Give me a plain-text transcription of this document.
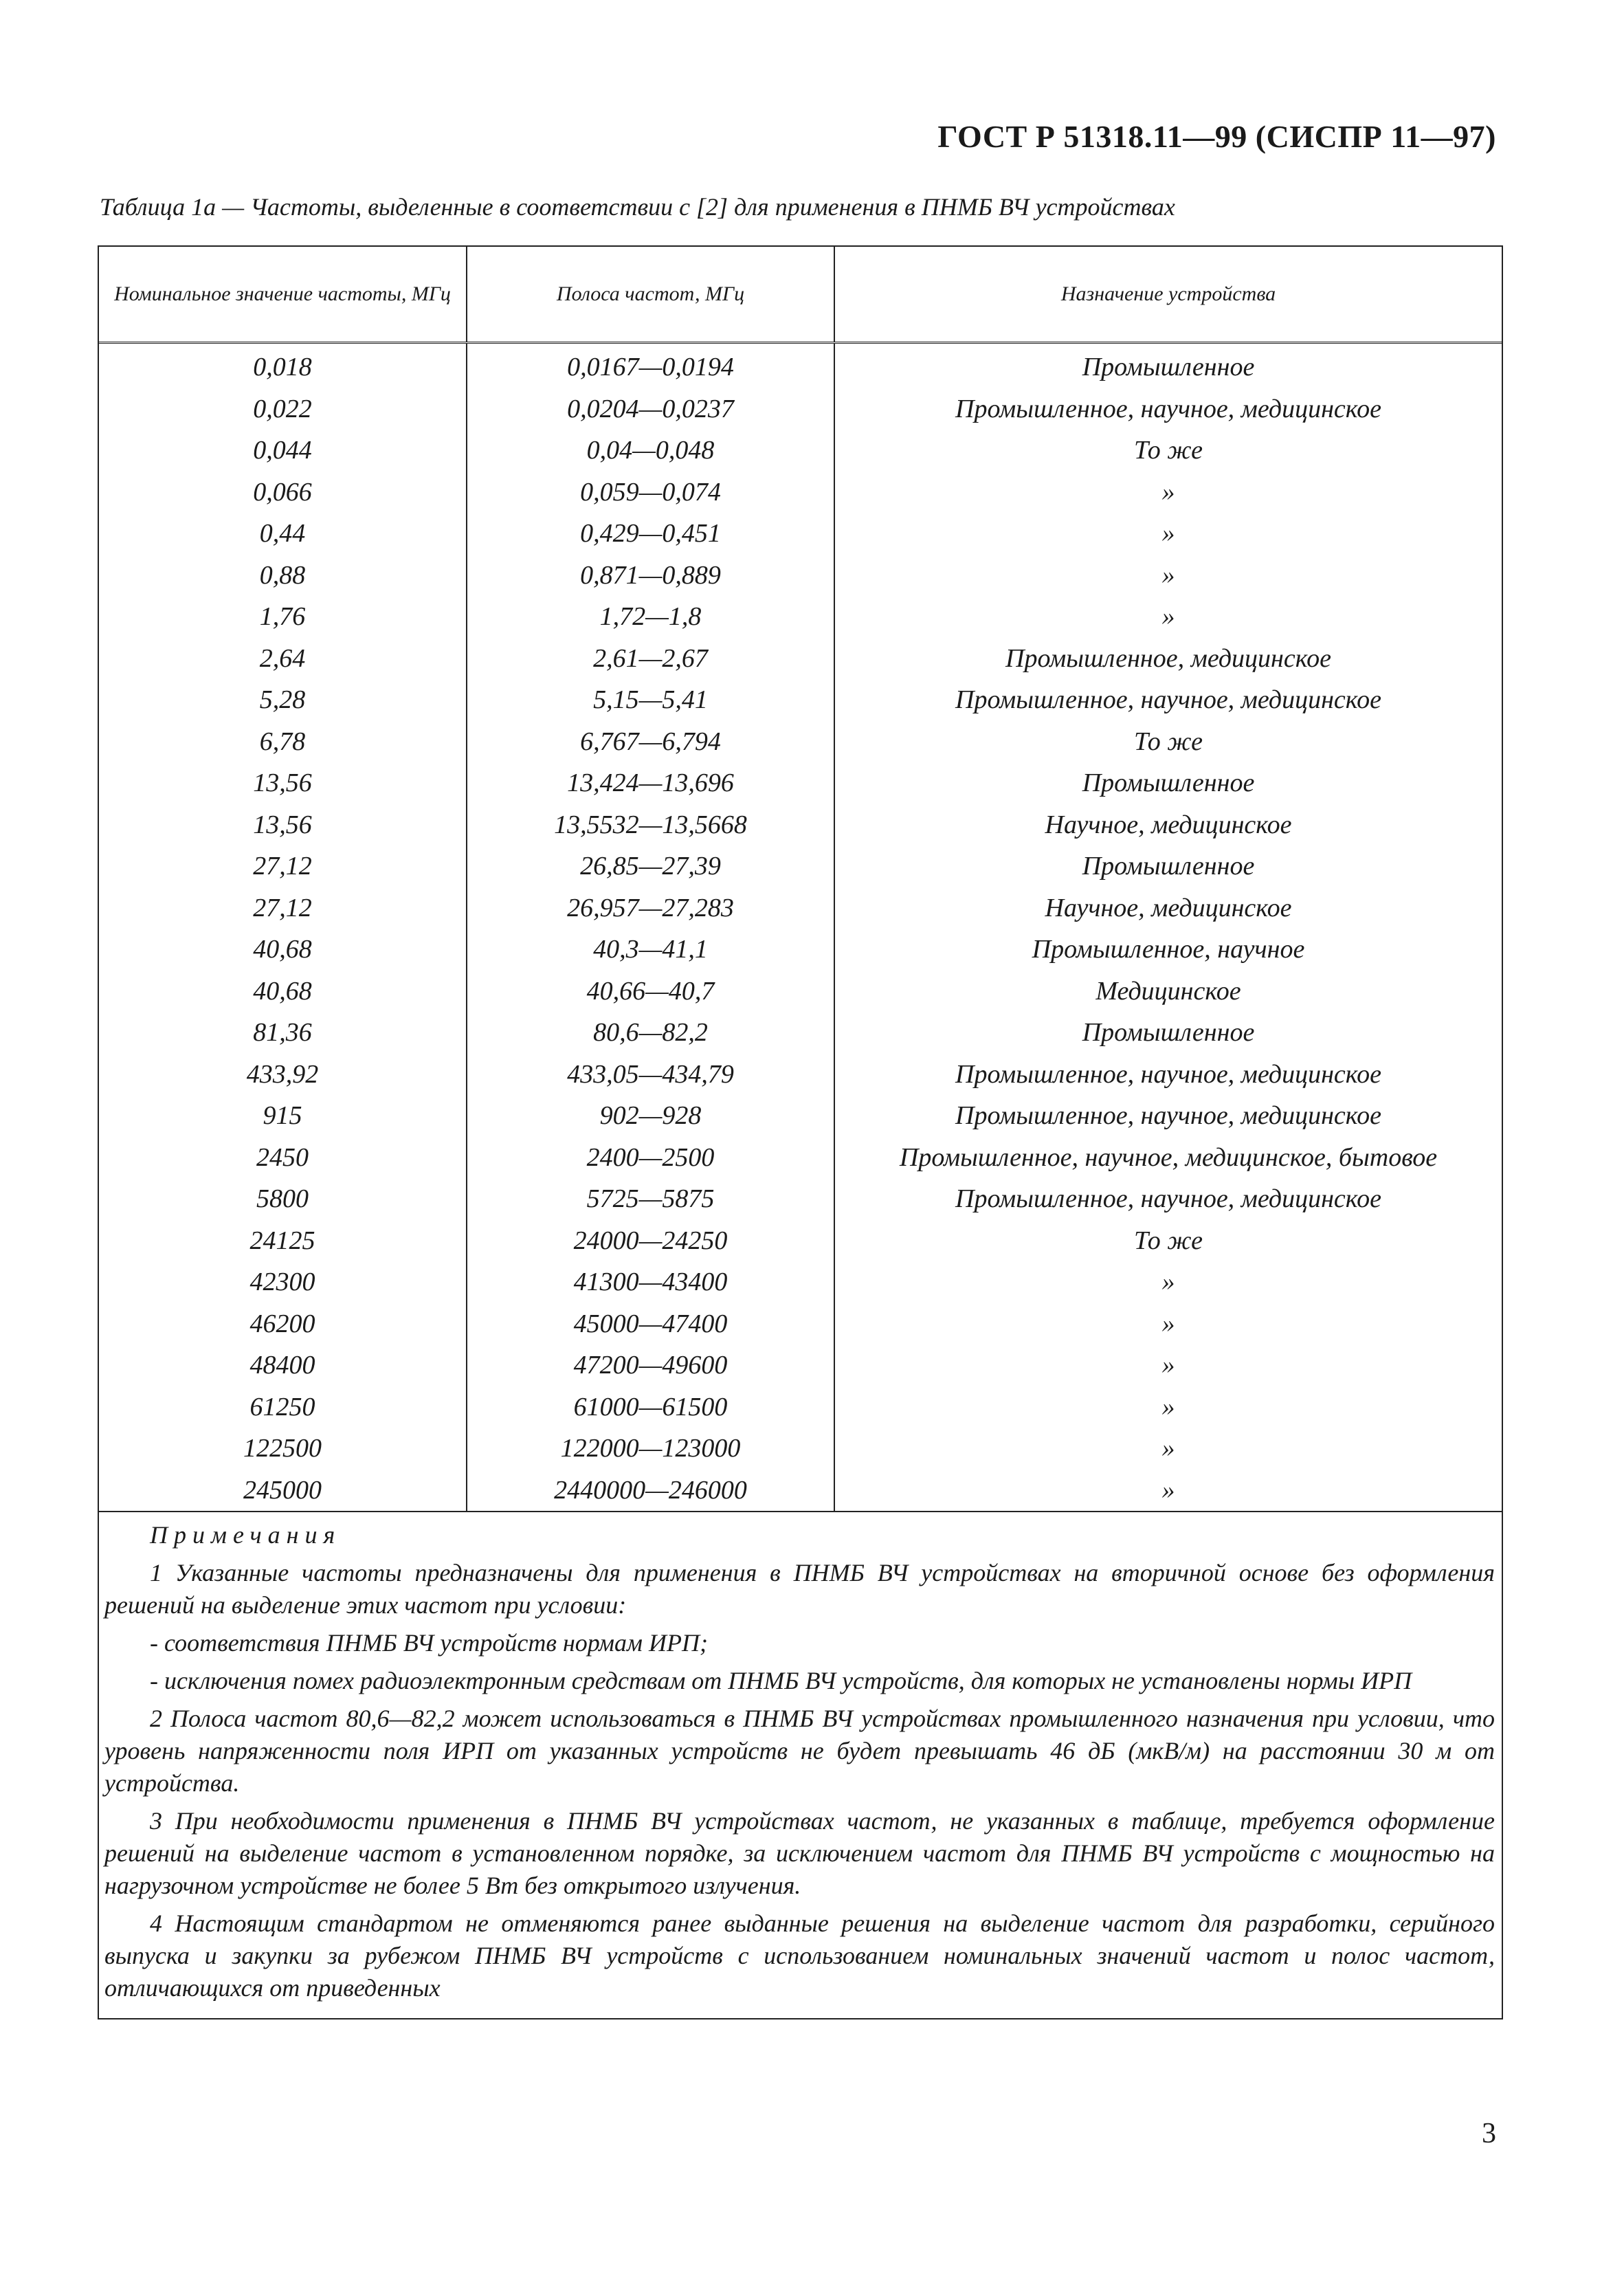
ГОСТ Р 51318.11—99 (СИСПР 11—97)
Таблица 1а — Частоты, выделенные в соответствии с [2] для применения в ПНМБ ВЧ устройствах
Номинальное значение частоты, МГц	Полоса частот, МГц	Назначение устройства
0,018	0,0167—0,0194	Промышленное
0,022	0,0204—0,0237	Промышленное, научное, медицинское
0,044	0,04—0,048	То же
0,066	0,059—0,074	»
0,44	0,429—0,451	»
0,88	0,871—0,889	»
1,76	1,72—1,8	»
2,64	2,61—2,67	Промышленное, медицинское
5,28	5,15—5,41	Промышленное, научное, медицинское
6,78	6,767—6,794	То же
13,56	13,424—13,696	Промышленное
13,56	13,5532—13,5668	Научное, медицинское
27,12	26,85—27,39	Промышленное
27,12	26,957—27,283	Научное, медицинское
40,68	40,3—41,1	Промышленное, научное
40,68	40,66—40,7	Медицинское
81,36	80,6—82,2	Промышленное
433,92	433,05—434,79	Промышленное, научное, медицинское
915	902—928	Промышленное, научное, медицинское
2450	2400—2500	Промышленное, научное, медицинское, бытовое
5800	5725—5875	Промышленное, научное, медицинское
24125	24000—24250	То же
42300	41300—43400	»
46200	45000—47400	»
48400	47200—49600	»
61250	61000—61500	»
122500	122000—123000	»
245000	2440000—246000	»
Примечания

1 Указанные частоты предназначены для применения в ПНМБ ВЧ устройствах на вторичной основе без оформления решений на выделение этих частот при условии:

- соответствия ПНМБ ВЧ устройств нормам ИРП;

- исключения помех радиоэлектронным средствам от ПНМБ ВЧ устройств, для которых не установлены нормы ИРП

2 Полоса частот 80,6—82,2 может использоваться в ПНМБ ВЧ устройствах промышленного назначения при условии, что уровень напряженности поля ИРП от указанных устройств не будет превышать 46 дБ (мкВ/м) на расстоянии 30 м от устройства.

3 При необходимости применения в ПНМБ ВЧ устройствах частот, не указанных в таблице, требуется оформление решений на выделение частот в установленном порядке, за исключением частот для ПНМБ ВЧ устройств с мощностью на нагрузочном устройстве не более 5 Вт без открытого излучения.

4 Настоящим стандартом не отменяются ранее выданные решения на выделение частот для разработки, серийного выпуска и закупки за рубежом ПНМБ ВЧ устройств с использованием номинальных значений частот и полос частот, отличающихся от приведенных

3
